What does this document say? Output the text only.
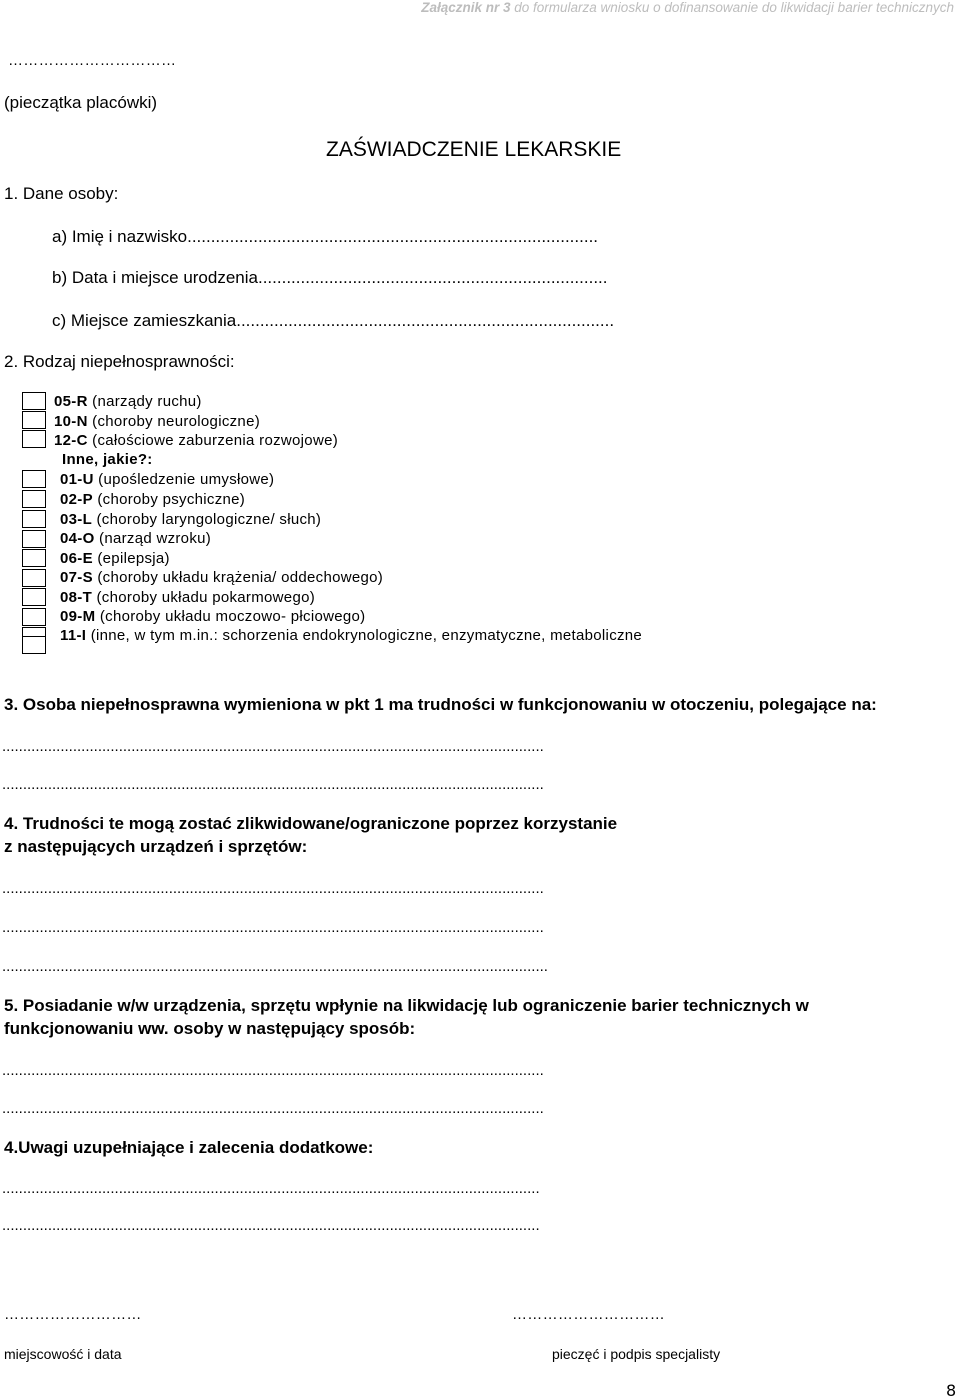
Załącznik nr 3 do formularza wniosku o dofinansowanie do likwidacji barier technicznych
……………………………
(pieczątka placówki)
ZAŚWIADCZENIE LEKARSKIE
1. Dane osoby:
a) Imię i nazwisko.......................................................................................
b) Data i miejsce urodzenia..........................................................................
c) Miejsce zamieszkania................................................................................
2. Rodzaj niepełnosprawności:
05-R (narządy ruchu)
10-N (choroby neurologiczne)
12-C (całościowe zaburzenia rozwojowe)
Inne, jakie?:
01-U (upośledzenie umysłowe)
02-P (choroby psychiczne)
03-L (choroby laryngologiczne/ słuch)
04-O (narząd wzroku)
06-E (epilepsja)
07-S (choroby układu krążenia/ oddechowego)
08-T (choroby układu pokarmowego)
09-M (choroby układu moczowo- płciowego)
11-I (inne, w tym m.in.: schorzenia endokrynologiczne, enzymatyczne, metaboliczne
3. Osoba niepełnosprawna wymieniona w pkt 1 ma trudności w funkcjonowaniu w otoczeniu, polegające na:
..................................................................................................................................
..................................................................................................................................
4. Trudności te mogą zostać zlikwidowane/ograniczone poprzez korzystanie
z następujących urządzeń i sprzętów:
..................................................................................................................................
..................................................................................................................................
...................................................................................................................................
5. Posiadanie w/w urządzenia, sprzętu wpłynie na likwidację lub ograniczenie barier technicznych w
funkcjonowaniu ww. osoby w następujący sposób:
..................................................................................................................................
..................................................................................................................................
4.Uwagi uzupełniające i zalecenia dodatkowe:
.................................................................................................................................
.................................................................................................................................
………………………	…………………………
miejscowość i data	pieczęć i podpis specjalisty
8
